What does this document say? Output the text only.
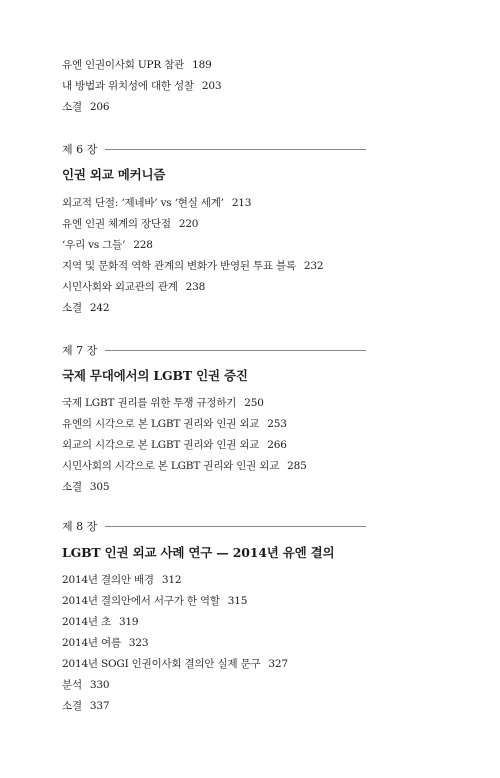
유엔 인권이사회 UPR 참관 189
내 방법과 위치성에 대한 성찰 203
소결 206
제 6 장
인권 외교 메커니즘
외교적 단절: ‘제네바’ vs ‘현실 세계’ 213
유엔 인권 체계의 장단점 220
‘우리 vs 그들’ 228
지역 및 문화적 역학 관계의 변화가 반영된 투표 블록 232
시민사회와 외교관의 관계 238
소결 242
제 7 장
국제 무대에서의 LGBT 인권 증진
국제 LGBT 권리를 위한 투쟁 규정하기 250
유엔의 시각으로 본 LGBT 권리와 인권 외교 253
외교의 시각으로 본 LGBT 권리와 인권 외교 266
시민사회의 시각으로 본 LGBT 권리와 인권 외교 285
소결 305
제 8 장
LGBT 인권 외교 사례 연구 — 2014년 유엔 결의
2014년 결의안 배경 312
2014년 결의안에서 서구가 한 역할 315
2014년 초 319
2014년 여름 323
2014년 SOGI 인권이사회 결의안 실제 문구 327
분석 330
소결 337
